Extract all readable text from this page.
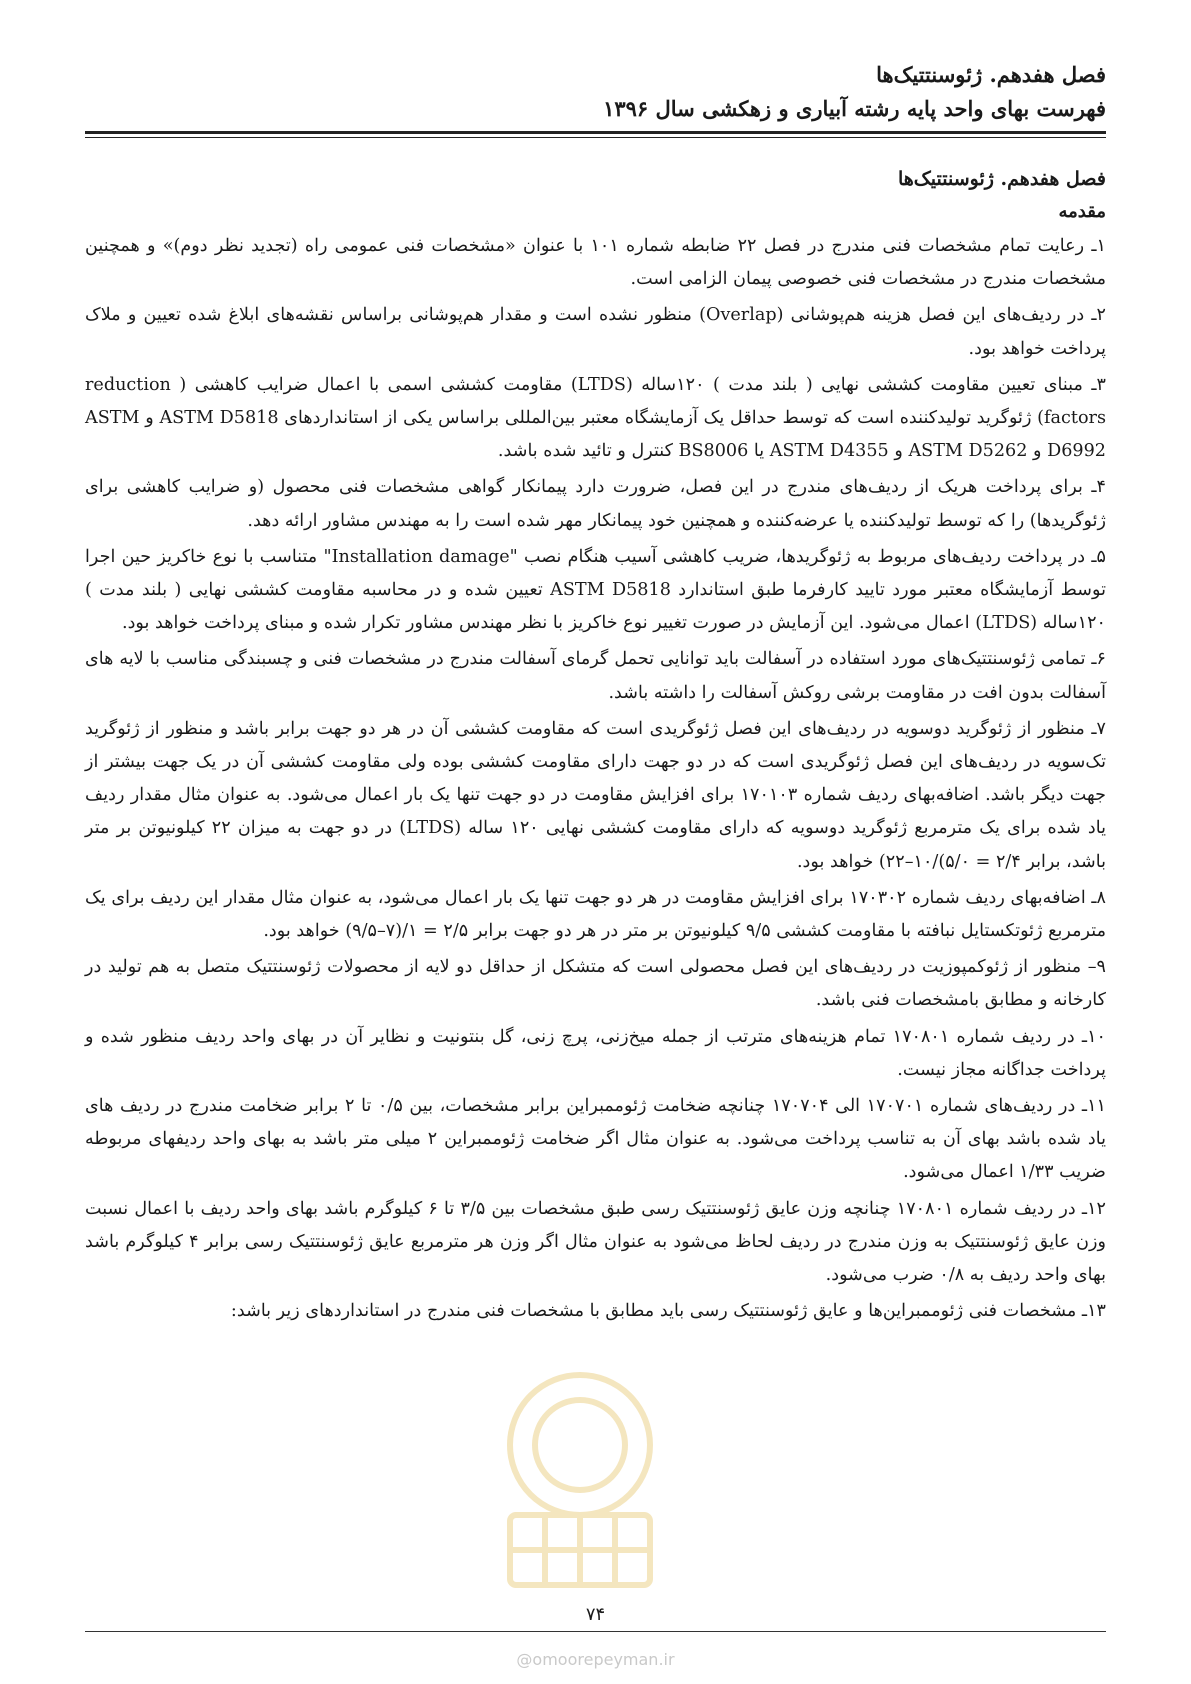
فصل هفدهم. ژئوسنتتیک‌ها
فهرست بهای واحد پایه رشته آبیاری و زهکشی سال ۱۳۹۶

فصل هفدهم. ژئوسنتتیک‌ها

مقدمه

۱ـ رعایت تمام مشخصات فنی مندرج در فصل ۲۲ ضابطه شماره ۱۰۱ با عنوان «مشخصات فنی عمومی راه (تجدید نظر دوم)» و همچنین مشخصات مندرج در مشخصات فنی خصوصی پیمان الزامی است.

۲ـ در ردیف‌های این فصل هزینه هم‌پوشانی (Overlap) منظور نشده است و مقدار هم‌پوشانی براساس نقشه‌های ابلاغ شده تعیین و ملاک پرداخت خواهد بود.

۳ـ مبنای تعیین مقاومت کششی نهایی ( بلند مدت ) ۱۲۰ساله (LTDS) مقاومت کششی اسمی با اعمال ضرایب کاهشی ( reduction factors) ژئوگرید تولیدکننده است که توسط حداقل یک آزمایشگاه معتبر بین‌المللی براساس یکی از استانداردهای ASTM D5818 و ASTM D6992 و ASTM D5262 و ASTM D4355 یا BS8006 کنترل و تائید شده باشد.

۴ـ برای پرداخت هریک از ردیف‌های مندرج در این فصل، ضرورت دارد پیمانکار گواهی مشخصات فنی محصول (و ضرایب کاهشی برای ژئوگریدها) را که توسط تولیدکننده یا عرضه‌کننده و همچنین خود پیمانکار مهر شده است را به مهندس مشاور ارائه دهد.

۵ـ در پرداخت ردیف‌های مربوط به ژئوگریدها، ضریب کاهشی آسیب هنگام نصب "Installation damage" متناسب با نوع خاکریز حین اجرا توسط آزمایشگاه معتبر مورد تایید کارفرما طبق استاندارد ASTM D5818 تعیین شده و در محاسبه مقاومت کششی نهایی ( بلند مدت ) ۱۲۰ساله (LTDS) اعمال می‌شود. این آزمایش در صورت تغییر نوع خاکریز با نظر مهندس مشاور تکرار شده و مبنای پرداخت خواهد بود.

۶ـ تمامی ژئوسنتتیک‌های مورد استفاده در آسفالت باید توانایی تحمل گرمای آسفالت مندرج در مشخصات فنی و چسبندگی مناسب با لایه های آسفالت بدون افت در مقاومت برشی روکش آسفالت را داشته باشد.

۷ـ منظور از ژئوگرید دوسویه در ردیف‌های این فصل ژئوگریدی است که مقاومت کششی آن در هر دو جهت برابر باشد و منظور از ژئوگرید تک‌سویه در ردیف‌های این فصل ژئوگریدی است که در دو جهت دارای مقاومت کششی بوده ولی مقاومت کششی آن در یک جهت بیشتر از جهت دیگر باشد. اضافه‌بهای ردیف شماره ۱۷۰۱۰۳ برای افزایش مقاومت در دو جهت تنها یک بار اعمال می‌شود. به عنوان مثال مقدار ردیف یاد شده برای یک مترمربع ژئوگرید دوسویه که دارای مقاومت کششی نهایی ۱۲۰ ساله (LTDS) در دو جهت به میزان ۲۲ کیلونیوتن بر متر باشد، برابر ۲/۴ = ۵/۰)/۱۰–۲۲) خواهد بود.

۸ـ اضافه‌بهای ردیف شماره ۱۷۰۳۰۲ برای افزایش مقاومت در هر دو جهت تنها یک بار اعمال می‌شود، به عنوان مثال مقدار این ردیف برای یک مترمربع ژئوتکستایل نبافته با مقاومت کششی ۹/۵ کیلونیوتن بر متر در هر دو جهت برابر ۲/۵ = ۱/(۷–۹/۵) خواهد بود.

۹– منظور از ژئوکمپوزیت در ردیف‌های این فصل محصولی است که متشکل از حداقل دو لایه از محصولات ژئوسنتتیک متصل به هم تولید در کارخانه و مطابق بامشخصات فنی باشد.

۱۰ـ در ردیف شماره ۱۷۰۸۰۱ تمام هزینه‌های مترتب از جمله میخ‌زنی، پرچ زنی، گل بنتونیت و نظایر آن در بهای واحد ردیف منظور شده و پرداخت جداگانه مجاز نیست.

۱۱ـ در ردیف‌های شماره ۱۷۰۷۰۱ الی ۱۷۰۷۰۴ چنانچه ضخامت ژئوممبراین برابر مشخصات، بین ۰/۵ تا ۲ برابر ضخامت مندرج در ردیف های یاد شده باشد بهای آن به تناسب پرداخت می‌شود. به عنوان مثال اگر ضخامت ژئوممبراین ۲ میلی متر باشد به بهای واحد ردیفهای مربوطه ضریب ۱/۳۳ اعمال می‌شود.

۱۲ـ در ردیف شماره ۱۷۰۸۰۱ چنانچه وزن عایق ژئوسنتتیک رسی طبق مشخصات بین ۳/۵ تا ۶ کیلوگرم باشد بهای واحد ردیف با اعمال نسبت وزن عایق ژئوسنتتیک به وزن مندرج در ردیف لحاظ می‌شود به عنوان مثال اگر وزن هر مترمربع عایق ژئوسنتتیک رسی برابر ۴ کیلوگرم باشد بهای واحد ردیف به ۰/۸ ضرب می‌شود.

۱۳ـ مشخصات فنی ژئوممبراین‌ها و عایق ژئوسنتتیک رسی باید مطابق با مشخصات فنی مندرج در استانداردهای زیر باشد:

۷۴
@omoorepeyman.ir
